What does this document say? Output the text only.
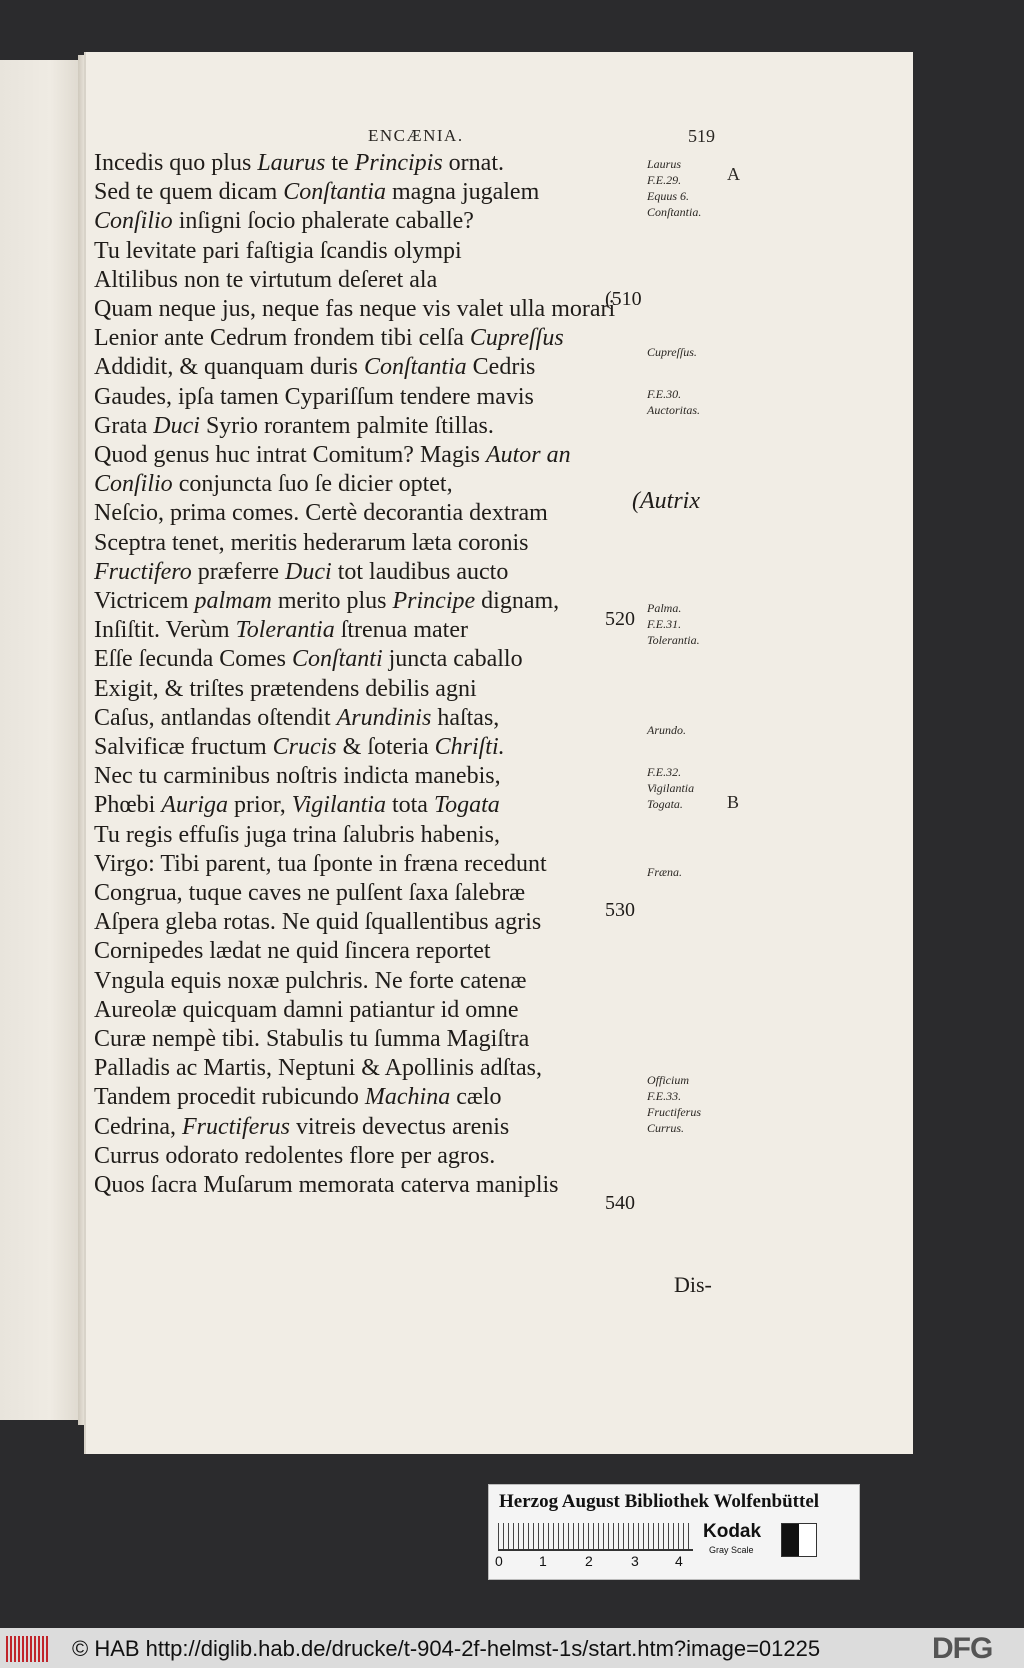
ENCÆNIA.	519
Incedis quo plus Laurus te Principis ornat.
Sed te quem dicam Conſtantia magna jugalem
Conſilio inſigni ſocio phalerate caballe?
Tu levitate pari faſtigia ſcandis olympi
Altilibus non te virtutum deſeret ala
Quam neque jus, neque fas neque vis valet ulla morari
Lenior ante Cedrum frondem tibi celſa Cupreſſus
Addidit, & quanquam duris Conſtantia Cedris
Gaudes, ipſa tamen Cypariſſum tendere mavis
Grata Duci Syrio rorantem palmite ſtillas.
Quod genus huc intrat Comitum? Magis Autor an
Conſilio conjuncta ſuo ſe dicier optet,
Neſcio, prima comes. Certè decorantia dextram
Sceptra tenet, meritis hederarum læta coronis
Fructifero præferre Duci tot laudibus aucto
Victricem palmam merito plus Principe dignam,
Inſiſtit. Verùm Tolerantia ſtrenua mater
Eſſe ſecunda Comes Conſtanti juncta caballo
Exigit, & triſtes prætendens debilis agni
Caſus, antlandas oſtendit Arundinis haſtas,
Salvificæ fructum Crucis & ſoteria Chriſti.
Nec tu carminibus noſtris indicta manebis,
Phœbi Auriga prior, Vigilantia tota Togata
Tu regis effuſis juga trina ſalubris habenis,
Virgo: Tibi parent, tua ſponte in fræna recedunt
Congrua, tuque caves ne pulſent ſaxa ſalebræ
Aſpera gleba rotas. Ne quid ſquallentibus agris
Cornipedes lædat ne quid ſincera reportet
Vngula equis noxæ pulchris. Ne forte catenæ
Aureolæ quicquam damni patiantur id omne
Curæ nempè tibi. Stabulis tu ſumma Magiſtra
Palladis ac Martis, Neptuni & Apollinis adſtas,
Tandem procedit rubicundo Machina cælo
Cedrina, Fructiferus vitreis devectus arenis
Currus odorato redolentes flore per agros.
Quos ſacra Muſarum memorata caterva maniplis
A
B
(510
(Autrix
520
530
540
Laurus
F.E.29.
Equus 6.
Conſtantia.
Cupreſſus.
F.E.30.
Auctoritas.
Palma.
F.E.31.
Tolerantia.
Arundo.
F.E.32.
Vigilantia
Togata.
Fræna.
Officium
F.E.33.
Fructiferus
Currus.
Dis-
Herzog August Bibliothek Wolfenbüttel
0	1	2	3	4
Kodak
Gray Scale
© HAB http://diglib.hab.de/drucke/t-904-2f-helmst-1s/start.htm?image=01225	DFG
